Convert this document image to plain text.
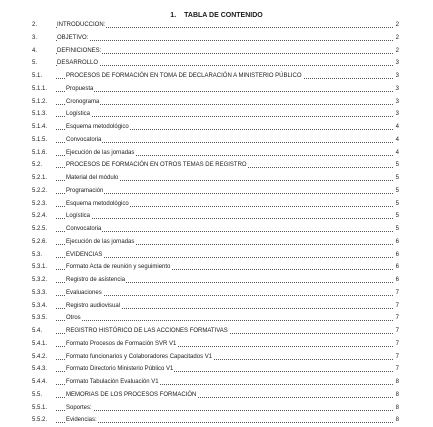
1. TABLA DE CONTENIDO
2.	INTRODUCCION:	2
3.	OBJETIVO:	2
4.	DEFINICIONES:	2
5.	DESARROLLO	3
5.1.	PROCESOS DE FORMACIÓN EN TOMA DE DECLARACIÓN A MINISTERIO PÚBLICO	3
5.1.1.	Propuesta	3
5.1.2.	Cronograma	3
5.1.3.	Logística	3
5.1.4.	Esquema metodológico	4
5.1.5.	Convocatoria	4
5.1.6.	Ejecución de las jornadas	4
5.2.	PROCESOS DE FORMACIÓN EN OTROS TEMAS DE REGISTRO	5
5.2.1.	Material del módulo	5
5.2.2.	Programación	5
5.2.3.	Esquema metodológico	5
5.2.4.	Logística	5
5.2.5.	Convocatoria	5
5.2.6.	Ejecución de las jornadas	6
5.3.	EVIDENCIAS	6
5.3.1.	Formato Acta de reunión y seguimiento	6
5.3.2.	Registro de asistencia	6
5.3.3.	Evaluaciones	7
5.3.4.	Registro audiovisual	7
5.3.5.	Otros	7
5.4.	REGISTRO HISTÓRICO DE LAS ACCIONES FORMATIVAS	7
5.4.1.	Formato Procesos de Formación SVR V1	7
5.4.2.	Formato funcionarios y Colaboradores Capacitados V1	7
5.4.3.	Formato Directorio Ministerio Público V1	7
5.4.4.	Formato Tabulación Evaluación V1	8
5.5.	MEMORIAS DE LOS PROCESOS FORMACIÓN	8
5.5.1.	Soportes:	8
5.5.2.	Evidencias:	8
